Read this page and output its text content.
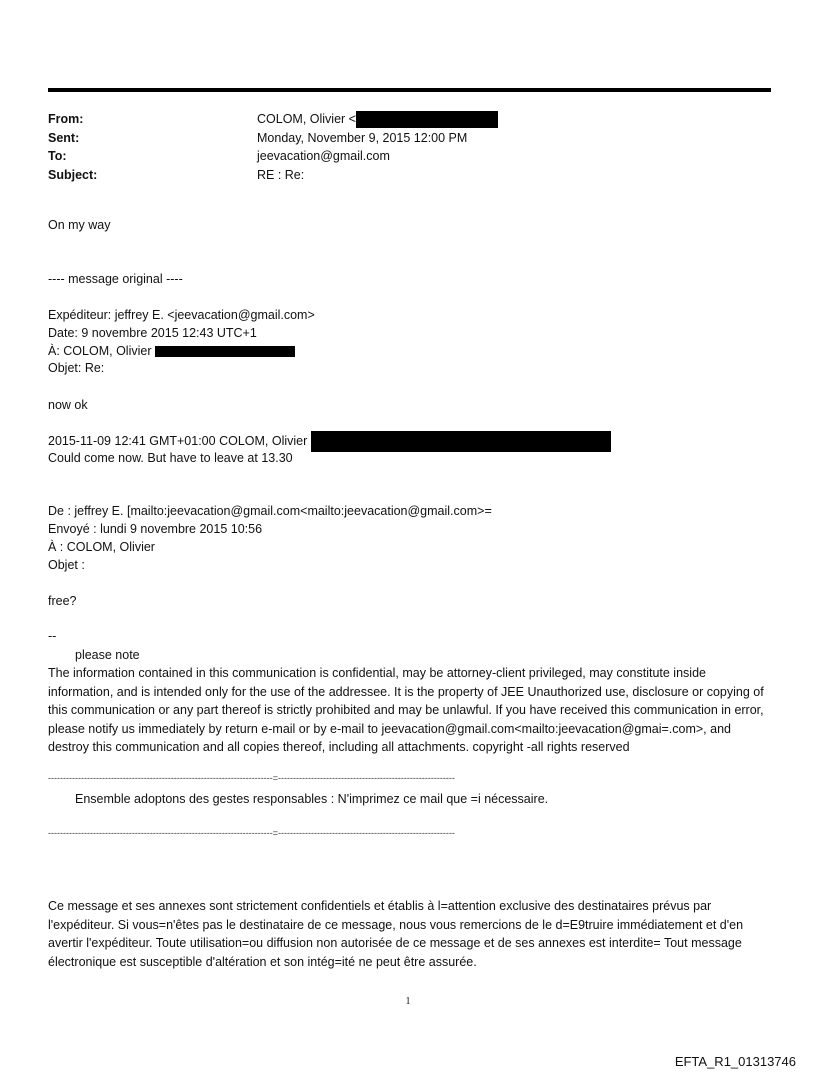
From:	COLOM, Olivier <
Sent:	Monday, November 9, 2015 12:00 PM
To:	jeevacation@gmail.com
Subject:	RE : Re:
On my way
---- message original ----
Expéditeur: jeffrey E. <jeevacation@gmail.com>
Date: 9 novembre 2015 12:43 UTC+1
À: COLOM, Olivier
Objet: Re:
now ok
2015-11-09 12:41 GMT+01:00 COLOM, Olivier
Could come now. But have to leave at 13.30
De : jeffrey E. [mailto:jeevacation@gmail.com<mailto:jeevacation@gmail.com>=
Envoyé : lundi 9 novembre 2015 10:56
À : COLOM, Olivier
Objet :
free?
--
please note
The information contained in this communication is confidential, may be attorney-client privileged, may constitute inside information, and is intended only for the use of the addressee. It is the property of JEE Unauthorized use, disclosure or copying of this communication or any part thereof is strictly prohibited and may be unlawful. If you have received this communication in error, please notify us immediately by return e-mail or by e-mail to jeevacation@gmail.com<mailto:jeevacation@gmai=.com>, and destroy this communication and all copies thereof, including all attachments. copyright -all rights reserved
---------------------------------------------------------------------------=-----------------------------------------------------------
Ensemble adoptons des gestes responsables : N'imprimez ce mail que =i nécessaire.
---------------------------------------------------------------------------=-----------------------------------------------------------
Ce message et ses annexes sont strictement confidentiels et établis à l=attention exclusive des destinataires prévus par l'expéditeur. Si vous=n'êtes pas le destinataire de ce message, nous vous remercions de le d=E9truire immédiatement et d'en avertir l'expéditeur. Toute utilisation=ou diffusion non autorisée de ce message et de ses annexes est interdite= Tout message électronique est susceptible d'altération et son intég=ité ne peut être assurée.
1
EFTA_R1_01313746
